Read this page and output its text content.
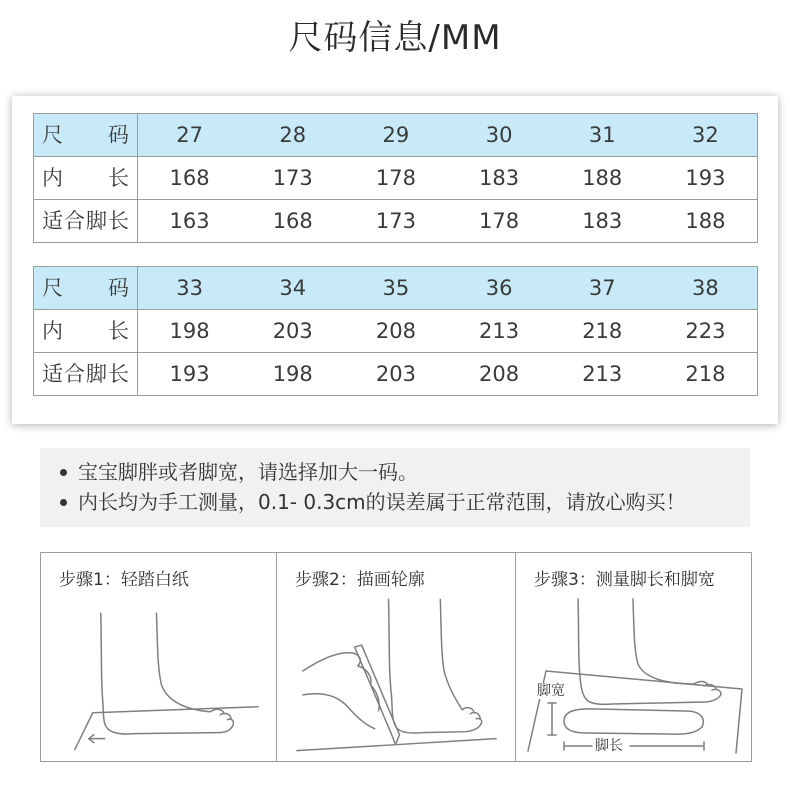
尺码信息/MM
尺码	27	28	29	30	31	32
内长	168	173	178	183	188	193
适合脚长	163	168	173	178	183	188
尺码	33	34	35	36	37	38
内长	198	203	208	213	218	223
适合脚长	193	198	203	208	213	218
宝宝脚胖或者脚宽，请选择加大一码。
内长均为手工测量，0.1- 0.3cm的误差属于正常范围，请放心购买！
步骤1：轻踏白纸	步骤2：描画轮廓	步骤3：测量脚长和脚宽
脚宽
脚长
